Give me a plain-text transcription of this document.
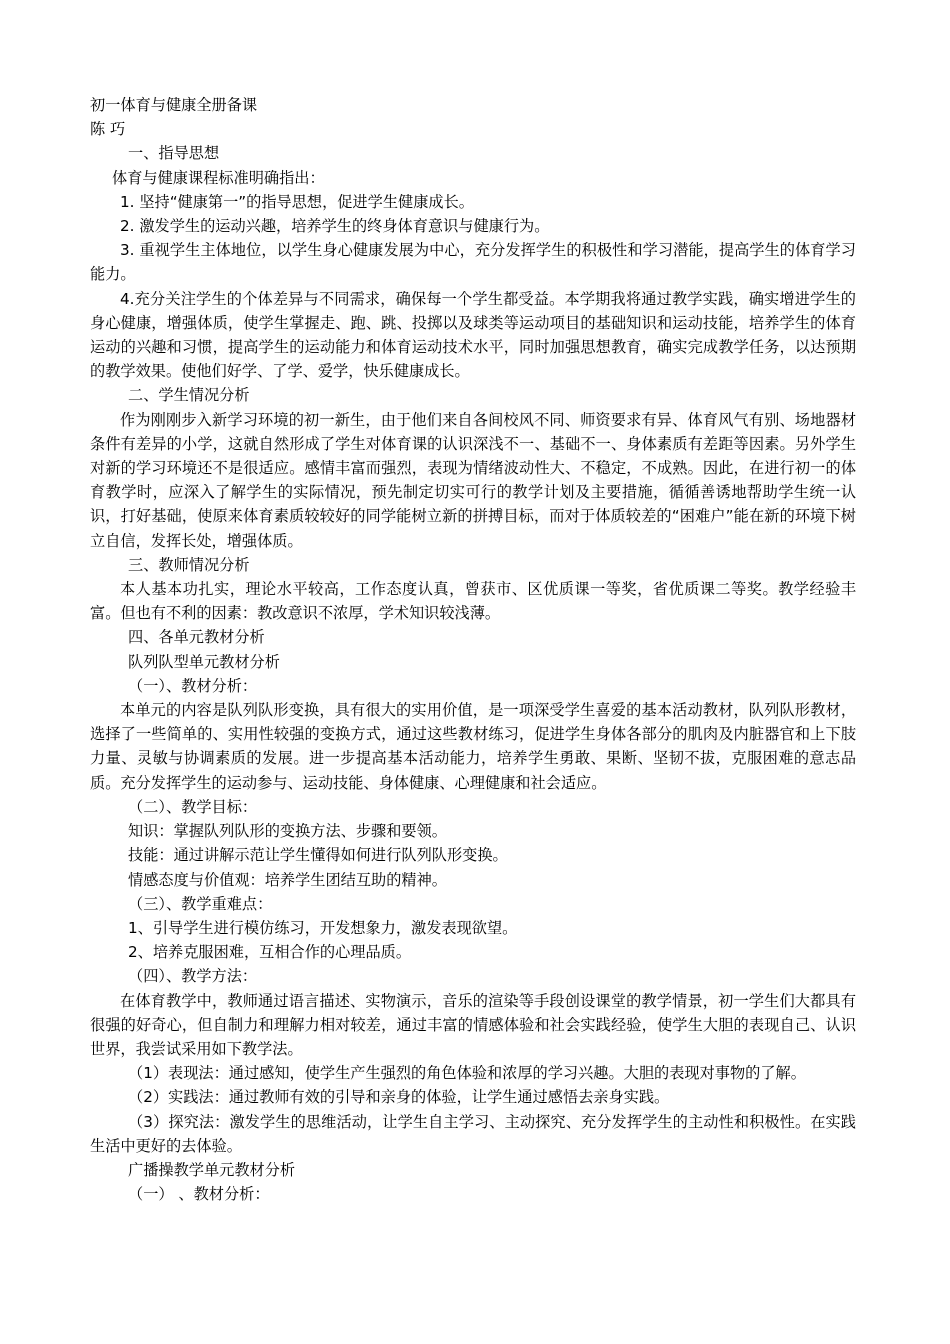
初一体育与健康全册备课

陈 巧

一、指导思想

体育与健康课程标准明确指出：

1. 坚持“健康第一”的指导思想，促进学生健康成长。

2. 激发学生的运动兴趣，培养学生的终身体育意识与健康行为。

3. 重视学生主体地位，以学生身心健康发展为中心，充分发挥学生的积极性和学习潜能，提高学生的体育学习能力。

4.充分关注学生的个体差异与不同需求，确保每一个学生都受益。本学期我将通过教学实践，确实增进学生的身心健康，增强体质，使学生掌握走、跑、跳、投掷以及球类等运动项目的基础知识和运动技能，培养学生的体育运动的兴趣和习惯，提高学生的运动能力和体育运动技术水平，同时加强思想教育，确实完成教学任务，以达预期的教学效果。使他们好学、了学、爱学，快乐健康成长。

二、学生情况分析

作为刚刚步入新学习环境的初一新生，由于他们来自各间校风不同、师资要求有异、体育风气有别、场地器材条件有差异的小学，这就自然形成了学生对体育课的认识深浅不一、基础不一、身体素质有差距等因素。另外学生对新的学习环境还不是很适应。感情丰富而强烈，表现为情绪波动性大、不稳定，不成熟。因此，在进行初一的体育教学时，应深入了解学生的实际情况，预先制定切实可行的教学计划及主要措施，循循善诱地帮助学生统一认识，打好基础，使原来体育素质较较好的同学能树立新的拼搏目标，而对于体质较差的“困难户”能在新的环境下树立自信，发挥长处，增强体质。

三、教师情况分析

本人基本功扎实，理论水平较高，工作态度认真，曾获市、区优质课一等奖，省优质课二等奖。教学经验丰富。但也有不利的因素：教改意识不浓厚，学术知识较浅薄。

四、各单元教材分析

队列队型单元教材分析

（一）、教材分析：

本单元的内容是队列队形变换，具有很大的实用价值，是一项深受学生喜爱的基本活动教材，队列队形教材，选择了一些简单的、实用性较强的变换方式，通过这些教材练习，促进学生身体各部分的肌肉及内脏器官和上下肢力量、灵敏与协调素质的发展。进一步提高基本活动能力，培养学生勇敢、果断、坚韧不拔，克服困难的意志品质。充分发挥学生的运动参与、运动技能、身体健康、心理健康和社会适应。

（二）、教学目标：

知识：掌握队列队形的变换方法、步骤和要领。

技能：通过讲解示范让学生懂得如何进行队列队形变换。

情感态度与价值观：培养学生团结互助的精神。

（三）、教学重难点：

1、引导学生进行模仿练习，开发想象力，激发表现欲望。

2、培养克服困难，互相合作的心理品质。

（四）、教学方法：

在体育教学中，教师通过语言描述、实物演示，音乐的渲染等手段创设课堂的教学情景，初一学生们大都具有很强的好奇心，但自制力和理解力相对较差，通过丰富的情感体验和社会实践经验，使学生大胆的表现自己、认识世界，我尝试采用如下教学法。

（1）表现法：通过感知，使学生产生强烈的角色体验和浓厚的学习兴趣。大胆的表现对事物的了解。

（2）实践法：通过教师有效的引导和亲身的体验，让学生通过感悟去亲身实践。

（3）探究法：激发学生的思维活动，让学生自主学习、主动探究、充分发挥学生的主动性和积极性。在实践生活中更好的去体验。

广播操教学单元教材分析

（一） 、教材分析：
